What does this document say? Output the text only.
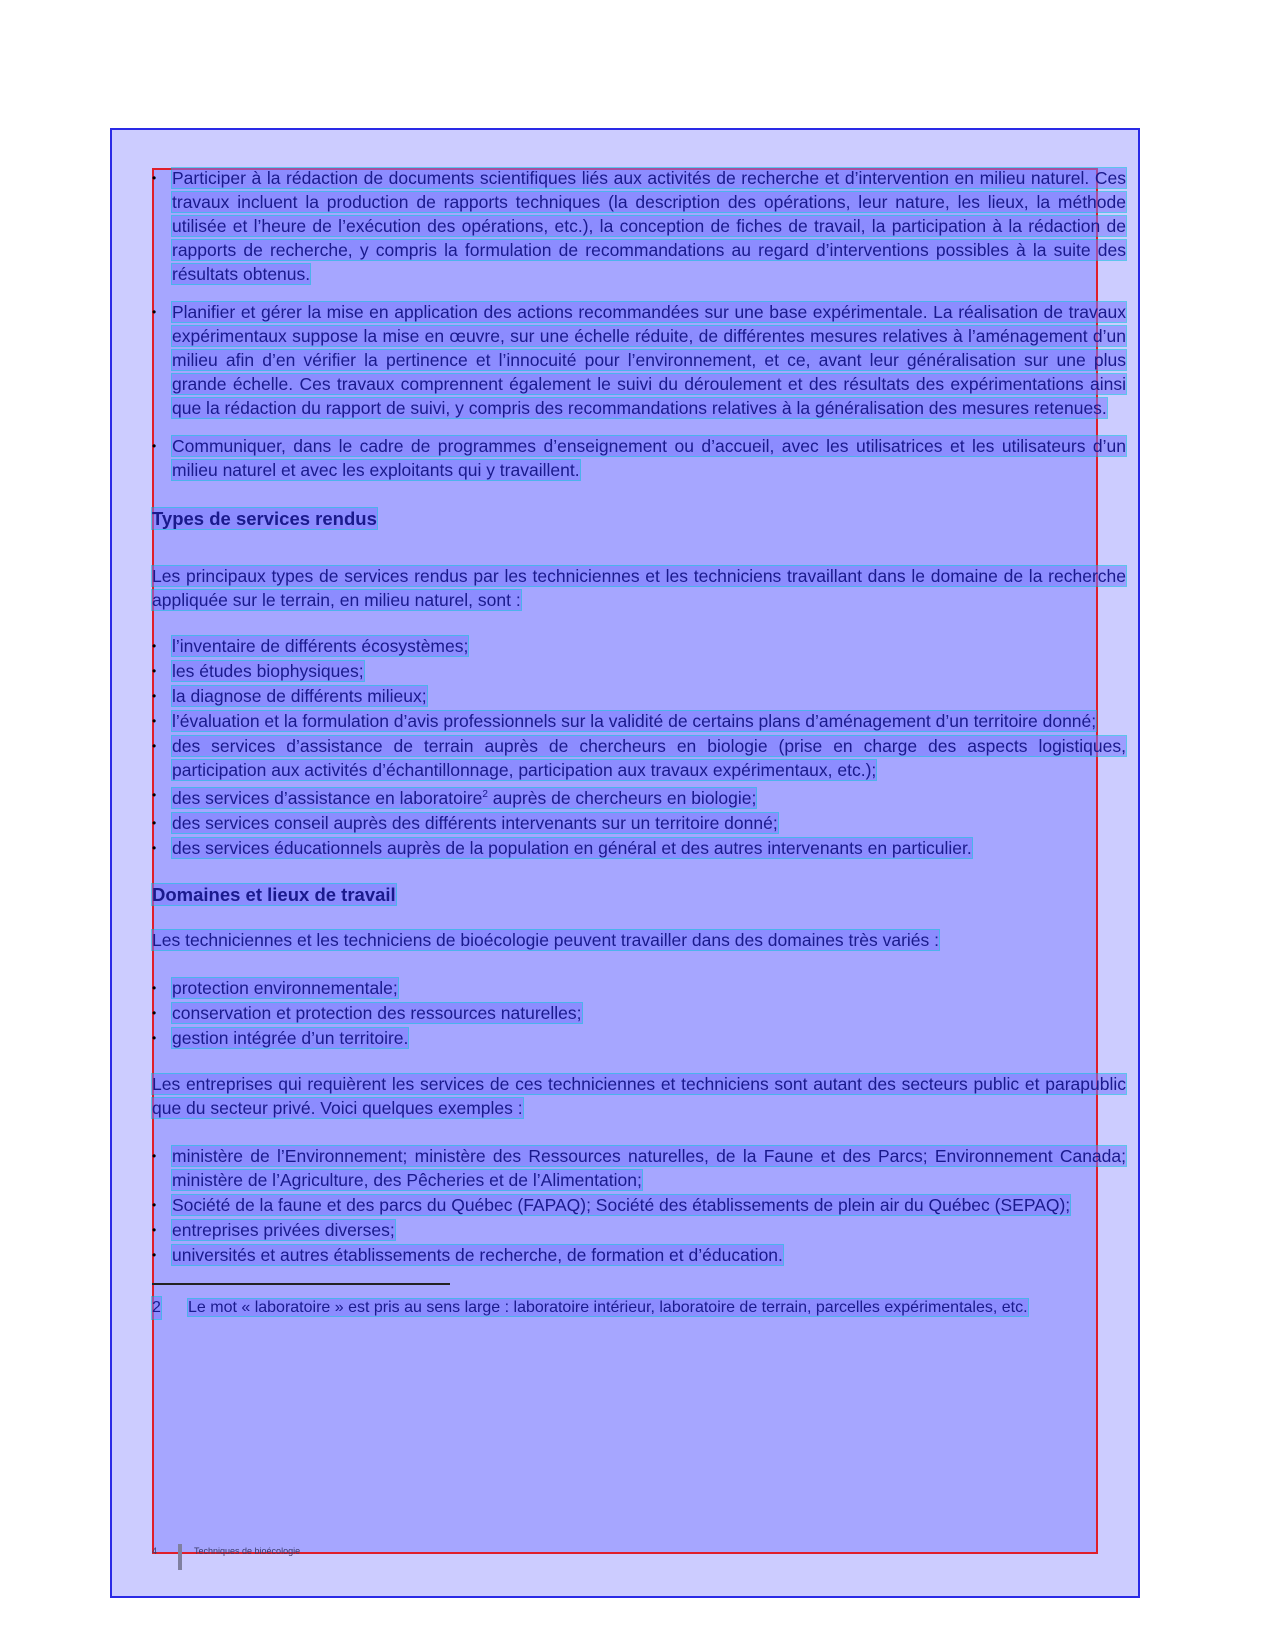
• Participer à la rédaction de documents scientifiques liés aux activités de recherche et d’intervention en milieu naturel. Ces travaux incluent la production de rapports techniques (la description des opérations, leur nature, les lieux, la méthode utilisée et l’heure de l’exécution des opérations, etc.), la conception de fiches de travail, la participation à la rédaction de rapports de recherche, y compris la formulation de recommandations au regard d’interventions possibles à la suite des résultats obtenus.
• Planifier et gérer la mise en application des actions recommandées sur une base expérimentale. La réalisation de travaux expérimentaux suppose la mise en œuvre, sur une échelle réduite, de différentes mesures relatives à l’aménagement d’un milieu afin d’en vérifier la pertinence et l’innocuité pour l’environnement, et ce, avant leur généralisation sur une plus grande échelle. Ces travaux comprennent également le suivi du déroulement et des résultats des expérimentations ainsi que la rédaction du rapport de suivi, y compris des recommandations relatives à la généralisation des mesures retenues.
• Communiquer, dans le cadre de programmes d’enseignement ou d’accueil, avec les utilisatrices et les utilisateurs d’un milieu naturel et avec les exploitants qui y travaillent.
Types de services rendus

Les principaux types de services rendus par les techniciennes et les techniciens travaillant dans le domaine de la recherche appliquée sur le terrain, en milieu naturel, sont :

• l’inventaire de différents écosystèmes;
• les études biophysiques;
• la diagnose de différents milieux;
• l’évaluation et la formulation d’avis professionnels sur la validité de certains plans d’aménagement d’un territoire donné;
• des services d’assistance de terrain auprès de chercheurs en biologie (prise en charge des aspects logistiques, participation aux activités d’échantillonnage, participation aux travaux expérimentaux, etc.);
• des services d’assistance en laboratoire$^2$ auprès de chercheurs en biologie;
• des services conseil auprès des différents intervenants sur un territoire donné;
• des services éducationnels auprès de la population en général et des autres intervenants en particulier.
Domaines et lieux de travail

Les techniciennes et les techniciens de bioécologie peuvent travailler dans des domaines très variés :

• protection environnementale;
• conservation et protection des ressources naturelles;
• gestion intégrée d’un territoire.

Les entreprises qui requièrent les services de ces techniciennes et techniciens sont autant des secteurs public et parapublic que du secteur privé. Voici quelques exemples :

• ministère de l’Environnement; ministère des Ressources naturelles, de la Faune et des Parcs; Environnement Canada; ministère de l’Agriculture, des Pêcheries et de l’Alimentation;
• Société de la faune et des parcs du Québec (FAPAQ); Société des établissements de plein air du Québec (SEPAQ);
• entreprises privées diverses;
• universités et autres établissements de recherche, de formation et d’éducation.
2 Le mot « laboratoire » est pris au sens large : laboratoire intérieur, laboratoire de terrain, parcelles expérimentales, etc.
4	Techniques de bioécologie
